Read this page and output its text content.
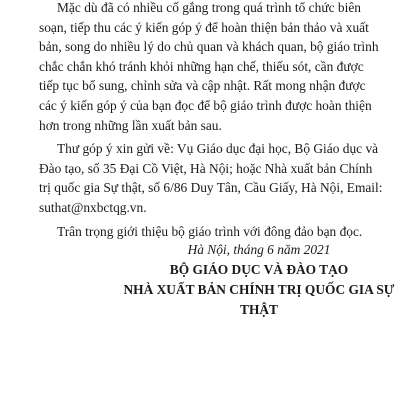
Mặc dù đã có nhiều cố gắng trong quá trình tổ chức biên
soạn, tiếp thu các ý kiến góp ý để hoàn thiện bản thảo và xuất
bản, song do nhiều lý do chủ quan và khách quan, bộ giáo trình
chắc chắn khó tránh khỏi những hạn chế, thiếu sót, cần được
tiếp tục bổ sung, chỉnh sửa và cập nhật. Rất mong nhận được
các ý kiến góp ý của bạn đọc để bộ giáo trình được hoàn thiện
hơn trong những lần xuất bản sau.

Thư góp ý xin gửi về: Vụ Giáo dục đại học, Bộ Giáo dục và
Đào tạo, số 35 Đại Cồ Việt, Hà Nội; hoặc Nhà xuất bản Chính
trị quốc gia Sự thật, số 6/86 Duy Tân, Cầu Giấy, Hà Nội, Email:
suthat@nxbctqg.vn.

Trân trọng giới thiệu bộ giáo trình với đông đảo bạn đọc.

Hà Nội, tháng 6 năm 2021
BỘ GIÁO DỤC VÀ ĐÀO TẠO
NHÀ XUẤT BẢN CHÍNH TRỊ QUỐC GIA SỰ THẬT
